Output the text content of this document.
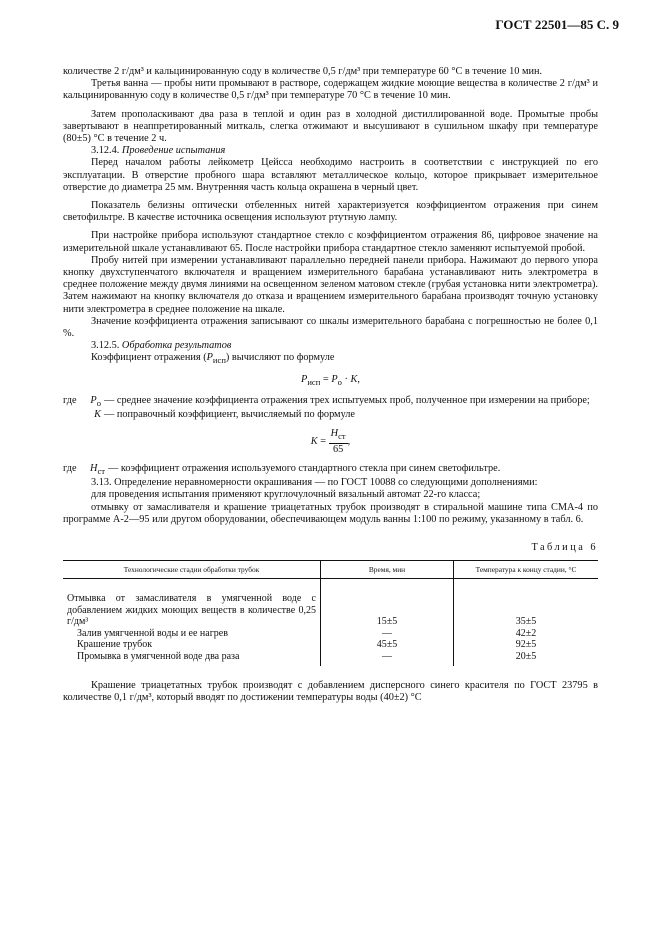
ГОСТ 22501—85 С. 9

количестве 2 г/дм³ и кальцинированную соду в количестве 0,5 г/дм³ при температуре 60 °С в течение 10 мин.

Третья ванна — пробы нити промывают в растворе, содержащем жидкие моющие вещества в количестве 2 г/дм³ и кальцинированную соду в количестве 0,5 г/дм³ при температуре 70 °С в течение 10 мин.

Затем прополаскивают два раза в теплой и один раз в холодной дистиллированной воде. Промытые пробы завертывают в неаппретированный миткаль, слегка отжимают и высушивают в сушильном шкафу при температуре (80±5) °С в течение 2 ч.

3.12.4. Проведение испытания

Перед началом работы лейкометр Цейсса необходимо настроить в соответствии с инструкцией по его эксплуатации. В отверстие пробного шара вставляют металлическое кольцо, которое прикрывает измерительное отверстие до диаметра 25 мм. Внутренняя часть кольца окрашена в черный цвет.

Показатель белизны оптически отбеленных нитей характеризуется коэффициентом отражения при синем светофильтре. В качестве источника освещения используют ртутную лампу.

При настройке прибора используют стандартное стекло с коэффициентом отражения 86, цифровое значение на измерительной шкале устанавливают 65. После настройки прибора стандартное стекло заменяют испытуемой пробой.

Пробу нитей при измерении устанавливают параллельно передней панели прибора. Нажимают до первого упора кнопку двухступенчатого включателя и вращением измерительного барабана устанавливают нить электрометра в среднее положение между двумя линиями на освещенном зеленом матовом стекле (грубая установка нити электрометра). Затем нажимают на кнопку включателя до отказа и вращением измерительного барабана производят точную установку нити электрометра в среднее положение на шкале.

Значение коэффициента отражения записывают со шкалы измерительного барабана с погрешностью не более 0,1 %.

3.12.5. Обработка результатов

Коэффициент отражения $(P_{исп})$ вычисляют по формуле

$P_{исп} = P_о \cdot K$,
где	$P_о$ — среднее значение коэффициента отражения трех испытуемых проб, полученное при измерении на приборе;
K — поправочный коэффициент, вычисляемый по формуле
K =
$H_{ст}$
65
,
где	$H_{ст}$ — коэффициент отражения используемого стандартного стекла при синем светофильтре.

3.13. Определение неравномерности окрашивания — по ГОСТ 10088 со следующими дополнениями:

для проведения испытания применяют круглочулочный вязальный автомат 22-го класса;

отмывку от замасливателя и крашение триацетатных трубок производят в стиральной машине типа СМА-4 по программе А-2—95 или другом оборудовании, обеспечивающем модуль ванны 1:100 по режиму, указанному в табл. 6.

Таблица 6
Технологические стадии обработки трубок	Время, мин	Температура к концу стадии, °С
Отмывка от замасливателя в умягченной воде с добавлением жидких моющих веществ в количестве 0,25 г/дм³	15±5	35±5
Залив умягченной воды и ее нагрев	—	42±2
Крашение трубок	45±5	92±5
Промывка в умягченной воде два раза	—	20±5

Крашение триацетатных трубок производят с добавлением дисперсного синего красителя по ГОСТ 23795 в количестве 0,1 г/дм³, который вводят по достижении температуры воды (40±2) °С
